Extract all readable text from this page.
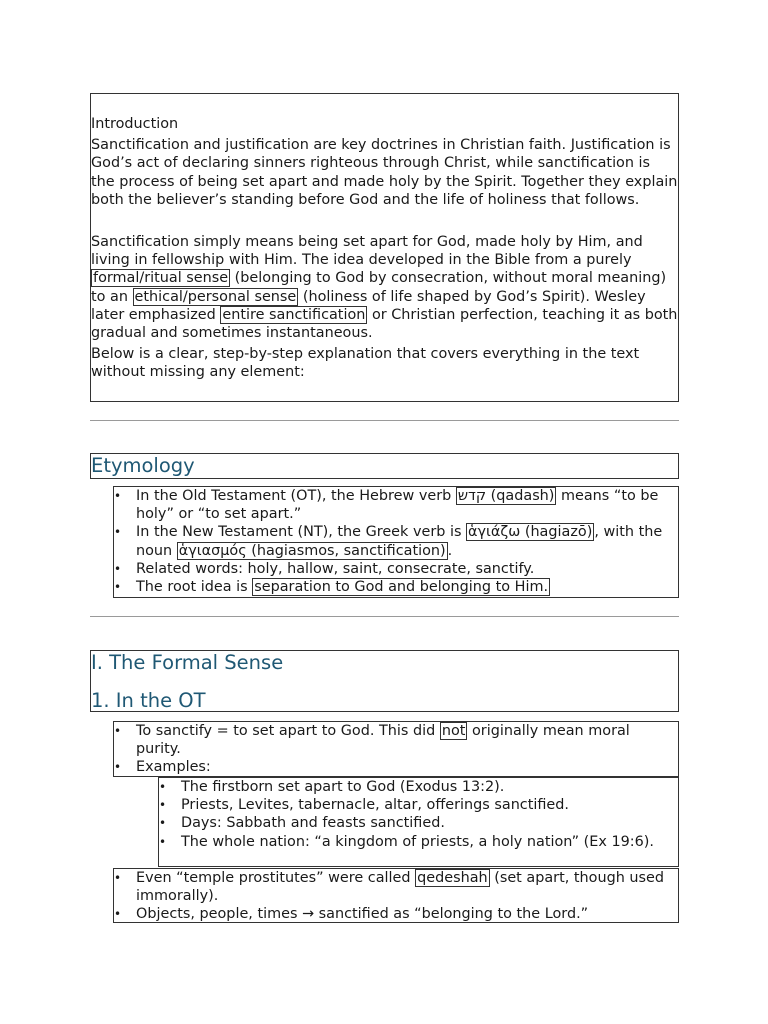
Introduction

Sanctification and justification are key doctrines in Christian faith. Justification is God’s act of declaring sinners righteous through Christ, while sanctification is the process of being set apart and made holy by the Spirit. Together they explain both the believer’s standing before God and the life of holiness that follows.

Sanctification simply means being set apart for God, made holy by Him, and living in fellowship with Him. The idea developed in the Bible from a purely formal/ritual sense (belonging to God by consecration, without moral meaning) to an ethical/personal sense (holiness of life shaped by God’s Spirit). Wesley later emphasized entire sanctification or Christian perfection, teaching it as both gradual and sometimes instantaneous.

Below is a clear, step-by-step explanation that covers everything in the text without missing any element:

Etymology
• In the Old Testament (OT), the Hebrew verb קדש (qadash) means “to be holy” or “to set apart.”
• In the New Testament (NT), the Greek verb is ἁγιάζω (hagiazō) , with the noun ἁγιασμός (hagiasmos, sanctification) .
• Related words: holy, hallow, saint, consecrate, sanctify.
• The root idea is separation to God and belonging to Him.
I. The Formal Sense
1. In the OT
• To sanctify = to set apart to God. This did not originally mean moral purity.
• Examples:
• The firstborn set apart to God (Exodus 13:2).
• Priests, Levites, tabernacle, altar, offerings sanctified.
• Days: Sabbath and feasts sanctified.
• The whole nation: “a kingdom of priests, a holy nation” (Ex 19:6).
• Even “temple prostitutes” were called qedeshah (set apart, though used immorally).
• Objects, people, times → sanctified as “belonging to the Lord.”
